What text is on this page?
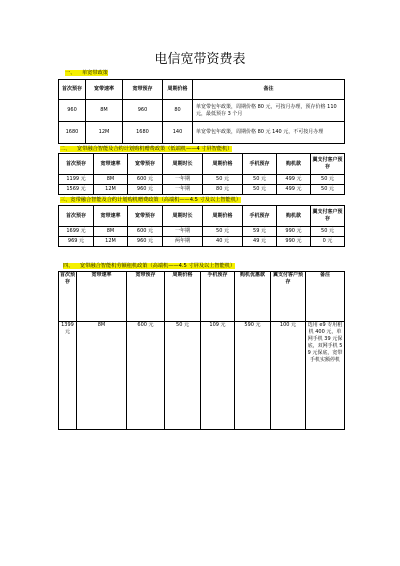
电信宽带资费表
一、 单宽带政策
首次预存	宽带速率	宽带预存	周期价格	备注
960	8M	960	80	单宽带包年政策，周期价格 80 元，可按月办理，预存价格 110 元，最低预存 3 个月
1680	12M	1680	140	单宽带包年政策，周期价格 80 元 140 元，不可按月办理
二、 宽带融合智能及合约计划购机赠费政策（低端机——4 寸屏智能机）
首次预存	宽带速率	宽带预存	周期时长	周期价格	手机预存	购机款	翼支付客户预存
1199 元	8M	600 元	一年期	50 元	50 元	499 元	50 元
1569 元	12M	960 元	一年期	80 元	50 元	499 元	50 元
三、宽带融合智能及合约计划购机赠费政策（高端机——4.5 寸及以上智能机）
首次预存	宽带速率	宽带预存	周期时长	周期价格	手机预存	购机款	翼支付客户预存
1699 元	8M	600 元	一年期	50 元	59 元	990 元	50 元
969 元	12M	960 元	两年期	40 元	49 元	990 元	0 元
四、 宽带融合智能机劳额租机政策（高端机——4.5 寸屏及以上智能机）
首次预存	宽带速率	宽带预存	周期价格	手机预存	购机优惠款	翼支付客户预存	备注
1399 元	8M	600 元	50 元	109 元	590 元	100 元	选用 e9 专用租机 400 元，单网手机 39 元保底，双网手机 59 元保底，宽带手机实额停机
